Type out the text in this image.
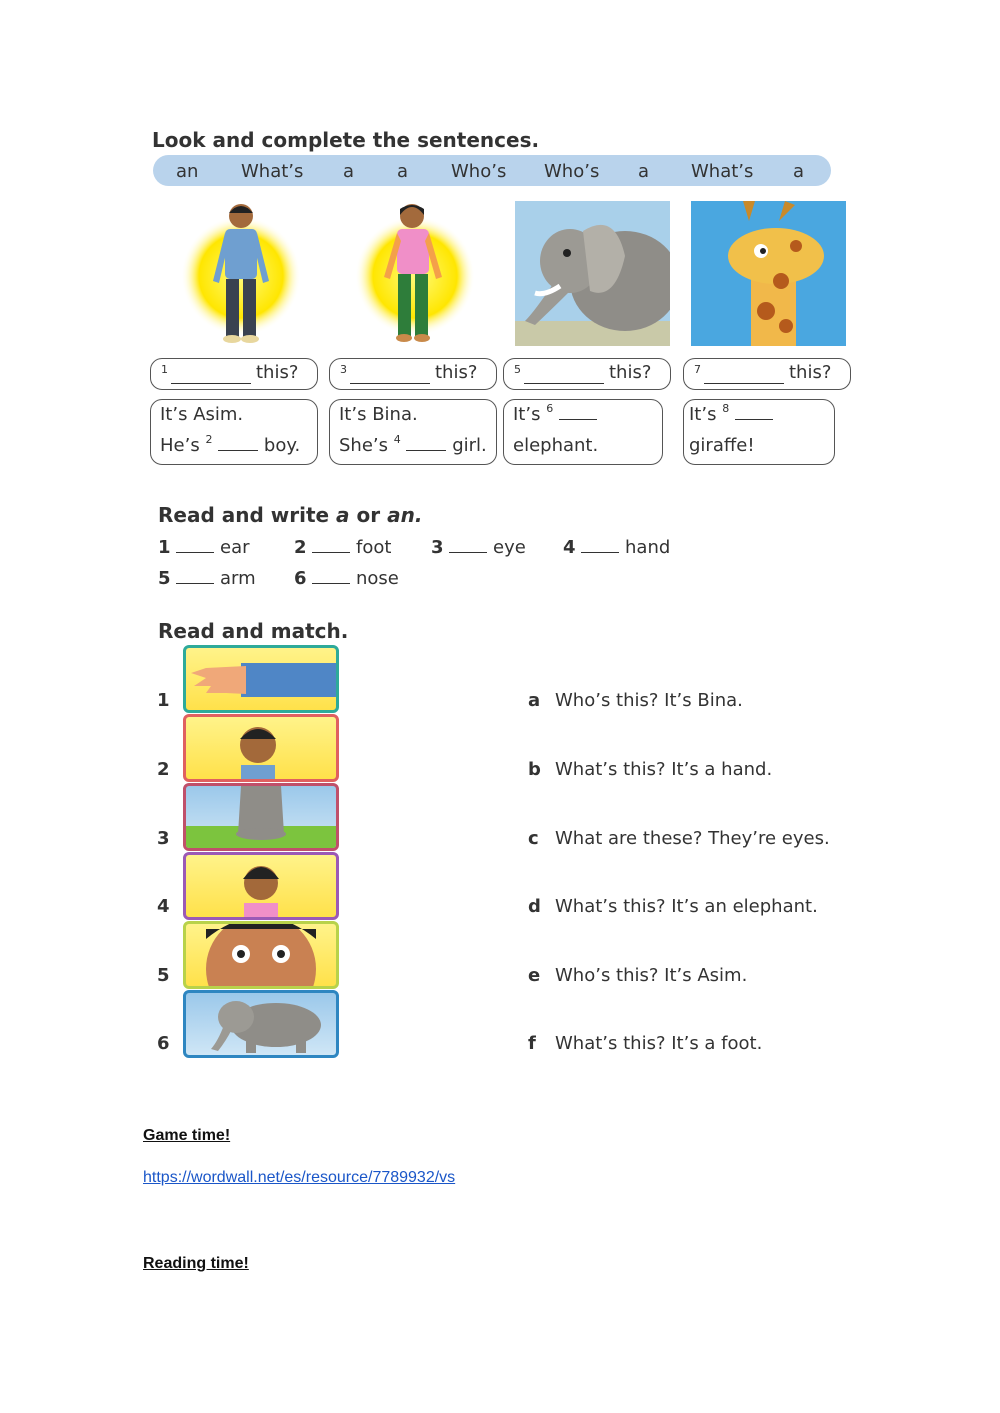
Look and complete the sentences.
an What’s a a Who’s Who’s a What’s a
1	this?	3	this?	5	this?	7	this?
It’s Asim.
He’s $^2$	boy.
It’s Bina.
She’s $^4$	girl.
It’s $^6$
elephant.
It’s $^8$
giraffe!
Read and write a or an.
1	ear 2	foot 3	eye 4	hand
5	arm 6	nose
Read and match.
1
2
3
4
5
6
a Who’s this? It’s Bina.
b What’s this? It’s a hand.
c What are these? They’re eyes.
d What’s this? It’s an elephant.
e Who’s this? It’s Asim.
f What’s this? It’s a foot.
Game time!
https://wordwall.net/es/resource/7789932/vs
Reading time!
